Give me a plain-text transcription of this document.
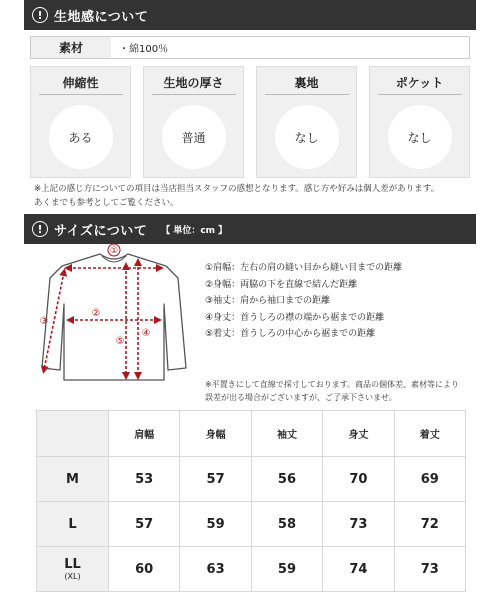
! 生地感について
素材	・綿100％
伸縮性
ある
生地の厚さ
普通
裏地
なし
ポケット
なし
※上記の感じ方についての項目は当店担当スタッフの感想となります。感じ方や好みは個人差があります。
あくまでも参考としてご覧ください。
! サイズについて 【 単位：cm 】
①
②
③
⑤
④
①肩幅：左右の肩の縫い目から縫い目までの距離
②身幅：両脇の下を直線で結んだ距離
③袖丈：肩から袖口までの距離
④身丈：首うしろの襟の端から裾までの距離
⑤着丈：首うしろの中心から裾までの距離
※平置きにして直線で採寸しております。商品の個体差、素材等により
誤差が出る場合がございますが、ご了承下さいませ。
	肩幅	身幅	袖丈	身丈	着丈
M	53	57	56	70	69
L	57	59	58	73	72
LL
(XL)	60	63	59	74	73
